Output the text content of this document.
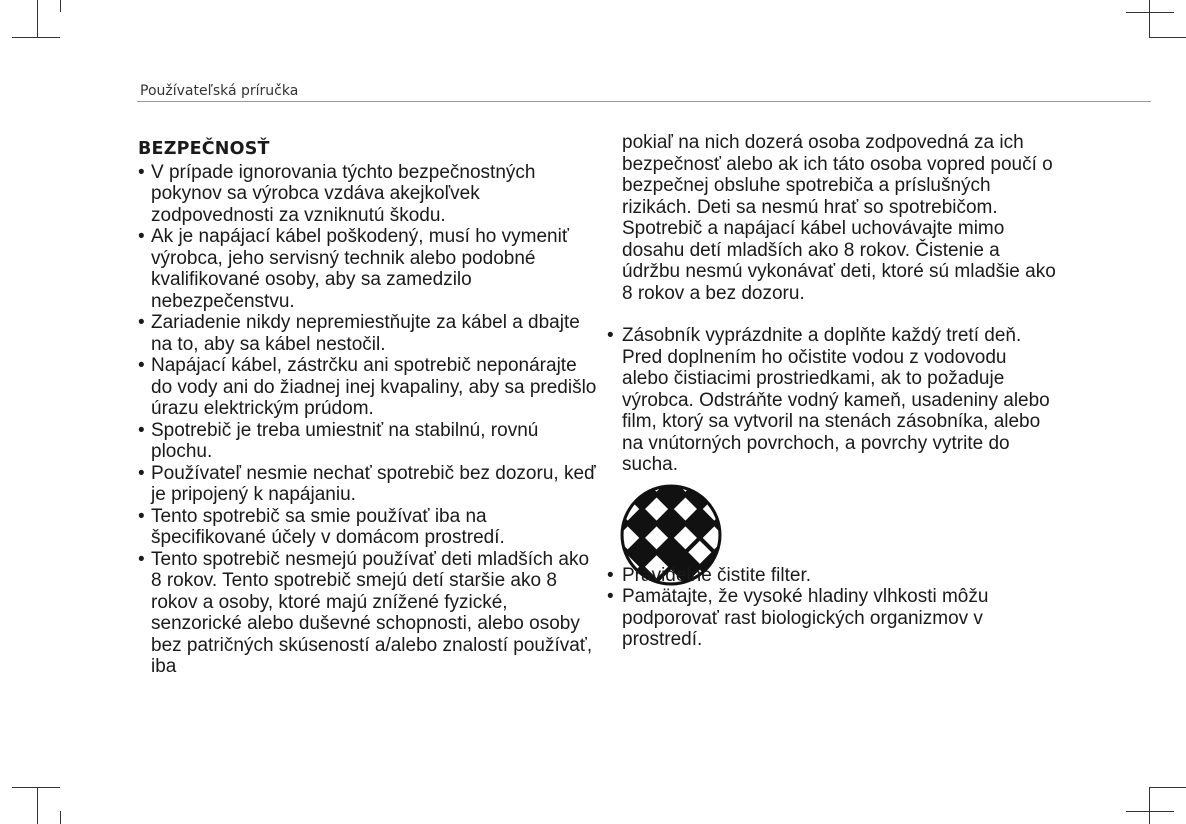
Používateľská príručka
BEZPEČNOSŤ
• V prípade ignorovania týchto bezpečnostných pokynov sa výrobca vzdáva akejkoľvek zodpovednosti za vzniknutú škodu.
• Ak je napájací kábel poškodený, musí ho vymeniť výrobca, jeho servisný technik alebo podobné kvalifikované osoby, aby sa zamedzilo nebezpečenstvu.
• Zariadenie nikdy nepremiestňujte za kábel a dbajte na to, aby sa kábel nestočil.
• Napájací kábel, zástrčku ani spotrebič neponárajte do vody ani do žiadnej inej kvapaliny, aby sa predišlo úrazu elektrickým prúdom.
• Spotrebič je treba umiestniť na stabilnú, rovnú plochu.
• Používateľ nesmie nechať spotrebič bez dozoru, keď je pripojený k napájaniu.
• Tento spotrebič sa smie používať iba na špecifikované účely v domácom prostredí.
• Tento spotrebič nesmejú používať deti mladších ako 8 rokov. Tento spotrebič smejú detí staršie ako 8 rokov a osoby, ktoré majú znížené fyzické, senzorické alebo duševné schopnosti, alebo osoby bez patričných skúseností a/alebo znalostí používať, iba
pokiaľ na nich dozerá osoba zodpovedná za ich bezpečnosť alebo ak ich táto osoba vopred poučí o bezpečnej obsluhe spotrebiča a príslušných rizikách. Deti sa nesmú hrať so spotrebičom. Spotrebič a napájací kábel uchovávajte mimo dosahu detí mladších ako 8 rokov. Čistenie a údržbu nesmú vykonávať deti, ktoré sú mladšie ako 8 rokov a bez dozoru.
• Zásobník vyprázdnite a doplňte každý tretí deň. Pred doplnením ho očistite vodou z vodovodu alebo čistiacimi prostriedkami, ak to požaduje výrobca. Odstráňte vodný kameň, usadeniny alebo film, ktorý sa vytvoril na stenách zásobníka, alebo na vnútorných povrchoch, a povrchy vytrite do sucha.
• Pravidelne čistite filter.
• Pamätajte, že vysoké hladiny vlhkosti môžu podporovať rast biologických organizmov v prostredí.
